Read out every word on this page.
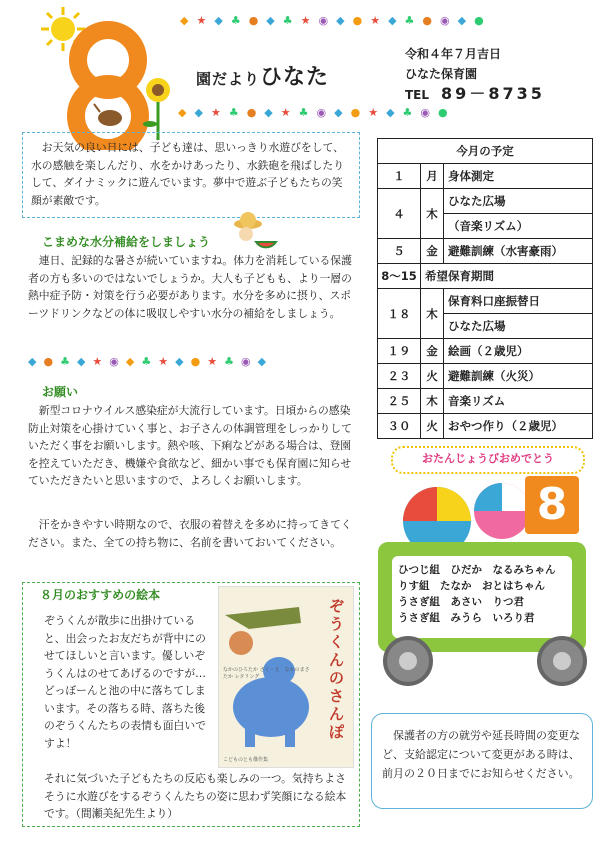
◆ ★ ◆ ♣ ● ◆ ♣ ★ ◉ ◆ ● ★ ◆ ♣ ● ◉ ◆ ●
園だよりひなた
令和４年７月吉日
ひなた保育園
TEL　 89－8735
◆ ◆ ★ ♣ ● ◆ ★ ♣ ◉ ◆ ● ★ ◆ ♣ ◉ ●
お天気の良い日には、子ども達は、思いっきり水遊びをして、水の感触を楽しんだり、水をかけあったり、水鉄砲を飛ばしたりして、ダイナミックに遊んでいます。夢中で遊ぶ子どもたちの笑顔が素敵です。
こまめな水分補給をしましょう
連日、記録的な暑さが続いていますね。体力を消耗している保護者の方も多いのではないでしょうか。大人も子どもも、より一層の熱中症予防・対策を行う必要があります。水分を多めに摂り、スポーツドリンクなどの体に吸収しやすい水分の補給をしましょう。
◆ ● ♣ ◆ ★ ◉ ◆ ♣ ★ ◆ ● ★ ♣ ◉ ◆
お願い
新型コロナウイルス感染症が大流行しています。日頃からの感染防止対策を心掛けていく事と、お子さんの体調管理をしっかりしていただく事をお願いします。熱や咳、下痢などがある場合は、登園を控えていただき、機嫌や食欲など、細かい事でも保育園に知らせていただきたいと思いますので、よろしくお願いします。
汗をかきやすい時期なので、衣服の着替えを多めに持ってきてください。また、全ての持ち物に、名前を書いておいてください。
８月のおすすめの絵本
ぞうくんが散歩に出掛けていると、出会ったお友だちが背中にのせてほしいと言います。優しいぞうくんはのせてあげるのですが…どっぼーんと池の中に落ちてしまいます。その落ちる時、落ちた後のぞうくんたちの表情も面白いですよ！
それに気づいた子どもたちの反応も楽しみの一つ。気持ちよさそうに水遊びをするぞうくんたちの姿に思わず笑顔になる絵本です。（間瀬美紀先生より）
ぞうくんのさんぽ
なかのひろたか さく・え　なかのまさたか レタリング
こどものとも傑作集
今月の予定		
１	月	身体測定
４	木	ひなた広場
		（音楽リズム）
５	金	避難訓練（水害豪雨）
8～15	希望保育期間	
１８	木	保育料口座振替日
		ひなた広場
１９	金	絵画（２歳児）
２３	火	避難訓練（火災）
２５	木	音楽リズム
３０	火	おやつ作り（２歳児）
おたんじょうびおめでとう
8
ひつじ組　ひだか　なるみちゃん
りす組　たなか　おとはちゃん
うさぎ組　あさい　りつ君
うさぎ組　みうら　いろり君
保護者の方の就労や延長時間の変更など、支給認定について変更がある時は、前月の２０日までにお知らせください。
